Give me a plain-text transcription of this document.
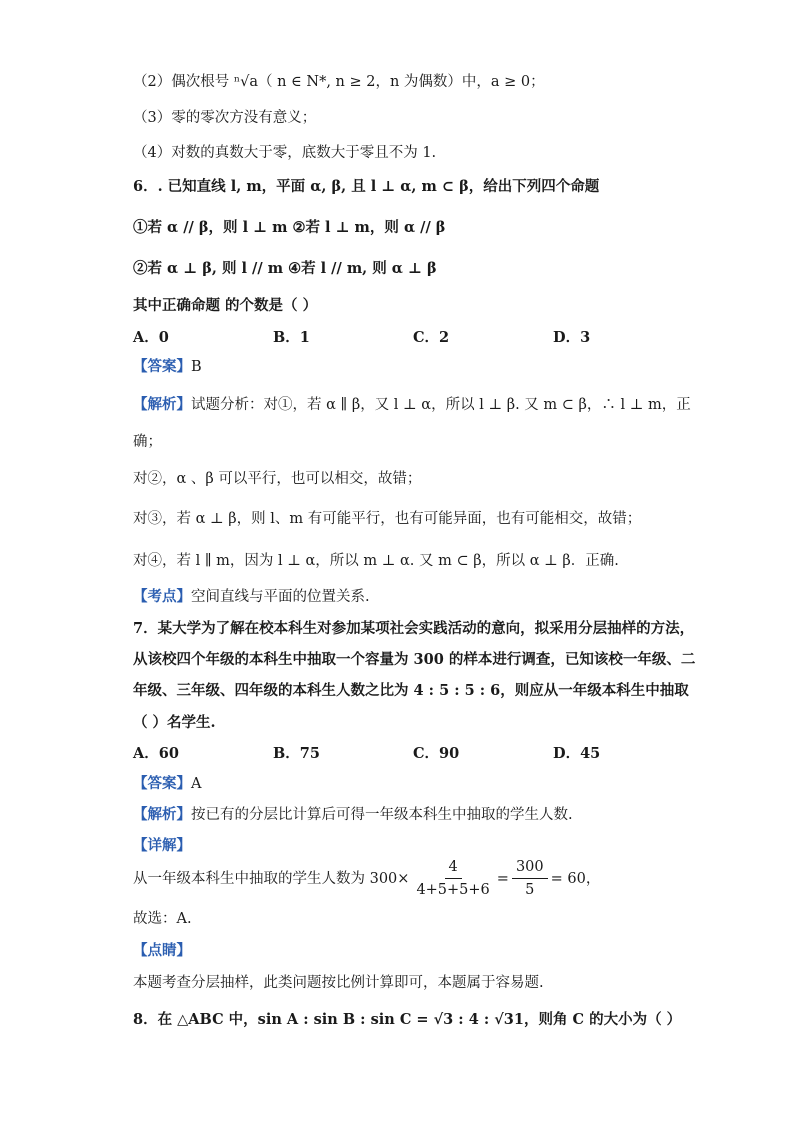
（2）偶次根号 ⁿ√a（ n ∈ N*, n ≥ 2，n 为偶数）中，a ≥ 0；
（3）零的零次方没有意义；
（4）对数的真数大于零，底数大于零且不为 1.
6．. 已知直线 l, m，平面 α, β, 且 l ⊥ α, m ⊂ β，给出下列四个命题
①若 α // β，则 l ⊥ m ②若 l ⊥ m，则 α // β
②若 α ⊥ β, 则 l // m ④若 l // m, 则 α ⊥ β
其中正确命题 的个数是（ ）
A．0	B．1	C．2	D．3
【答案】B
【解析】试题分析：对①，若 α ∥ β，又 l ⊥ α，所以 l ⊥ β. 又 m ⊂ β，∴ l ⊥ m，正
确；
对②，α 、β 可以平行，也可以相交，故错；
对③，若 α ⊥ β，则 l、m 有可能平行，也有可能异面，也有可能相交，故错；
对④，若 l ∥ m，因为 l ⊥ α，所以 m ⊥ α. 又 m ⊂ β，所以 α ⊥ β．正确.
【考点】空间直线与平面的位置关系.
7．某大学为了解在校本科生对参加某项社会实践活动的意向，拟采用分层抽样的方法，
从该校四个年级的本科生中抽取一个容量为 300 的样本进行调查，已知该校一年级、二
年级、三年级、四年级的本科生人数之比为 4 : 5 : 5 : 6，则应从一年级本科生中抽取
（ ）名学生.
A．60	B．75	C．90	D．45
【答案】A
【解析】按已有的分层比计算后可得一年级本科生中抽取的学生人数.
【详解】
从一年级本科生中抽取的学生人数为 $300\times \frac{4}{4+5+5+6} = \frac{300}{5} = 60$，
故选：A.
【点睛】
本题考查分层抽样，此类问题按比例计算即可，本题属于容易题.
8．在 △ABC 中，sin A : sin B : sin C = √3 : 4 : √31，则角 C 的大小为（ ）
